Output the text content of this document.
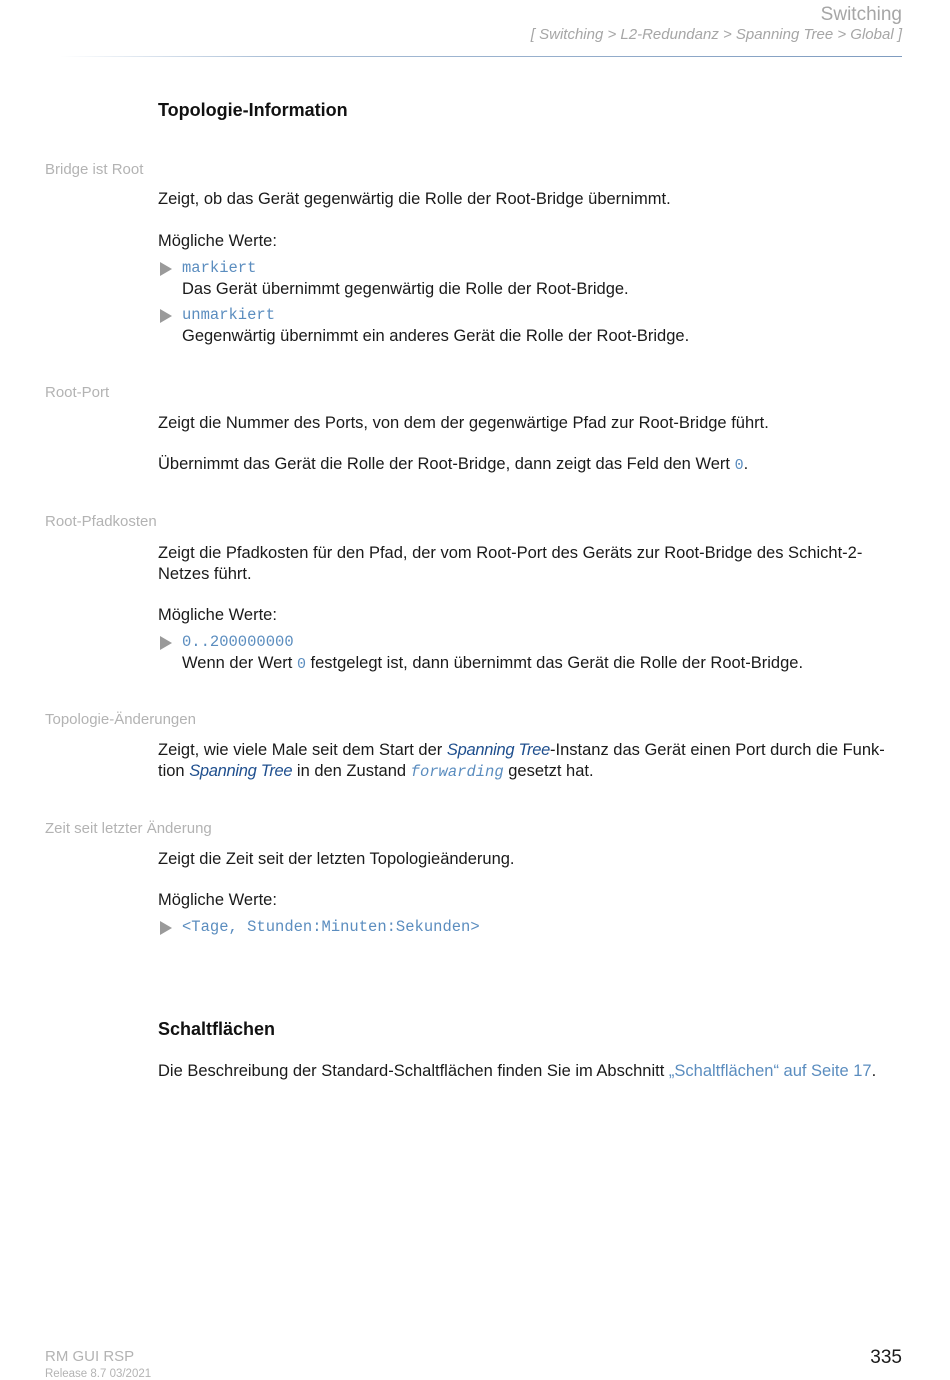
Switching
[ Switching > L2-Redundanz > Spanning Tree > Global ]
Topologie-Information
Bridge ist Root
Zeigt, ob das Gerät gegenwärtig die Rolle der Root-Bridge übernimmt.
Mögliche Werte:
markiert
Das Gerät übernimmt gegenwärtig die Rolle der Root-Bridge.
unmarkiert
Gegenwärtig übernimmt ein anderes Gerät die Rolle der Root-Bridge.
Root-Port
Zeigt die Nummer des Ports, von dem der gegenwärtige Pfad zur Root-Bridge führt.
Übernimmt das Gerät die Rolle der Root-Bridge, dann zeigt das Feld den Wert 0.
Root-Pfadkosten
Zeigt die Pfadkosten für den Pfad, der vom Root-Port des Geräts zur Root-Bridge des Schicht-2-Netzes führt.
Mögliche Werte:
0..200000000
Wenn der Wert 0 festgelegt ist, dann übernimmt das Gerät die Rolle der Root-Bridge.
Topologie-Änderungen
Zeigt, wie viele Male seit dem Start der Spanning Tree-Instanz das Gerät einen Port durch die Funk-tion Spanning Tree in den Zustand forwarding gesetzt hat.
Zeit seit letzter Änderung
Zeigt die Zeit seit der letzten Topologieänderung.
Mögliche Werte:
<Tage, Stunden:Minuten:Sekunden>
Schaltflächen
Die Beschreibung der Standard-Schaltflächen finden Sie im Abschnitt „Schaltflächen“ auf Seite 17.
RM GUI RSP
Release 8.7 03/2021
335
